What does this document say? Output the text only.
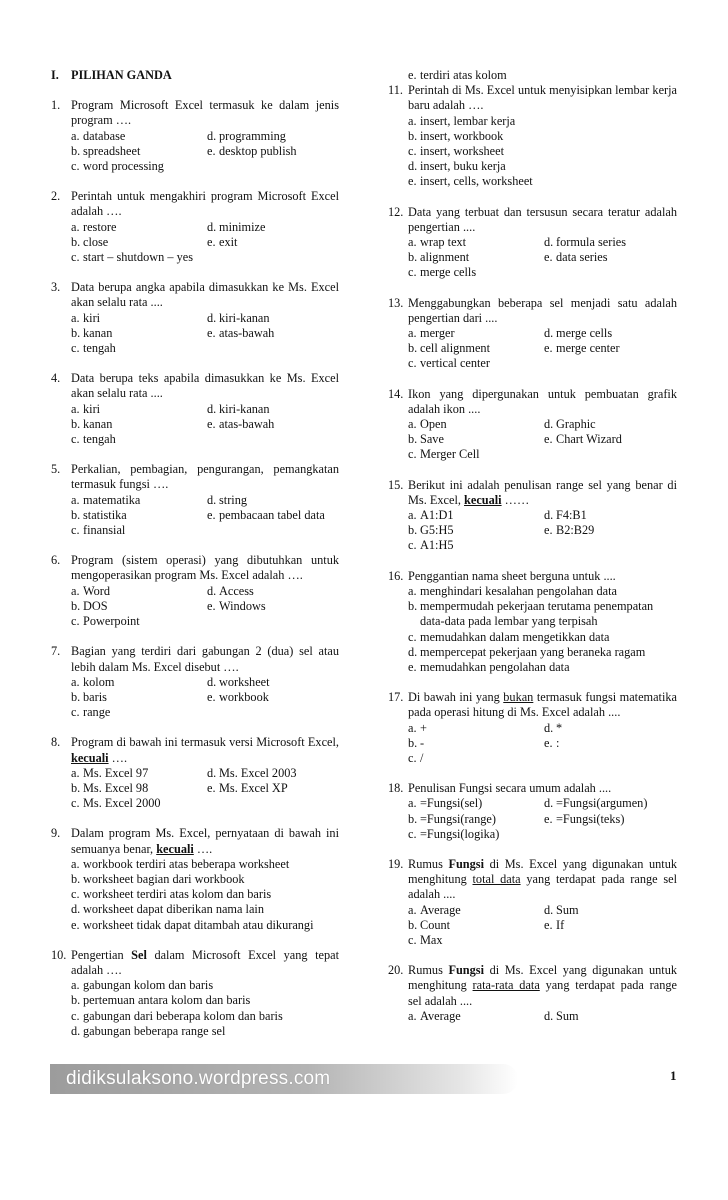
I. PILIHAN GANDA
1. Program Microsoft Excel termasuk ke dalam jenis program ….
a. database	d. programming
b. spreadsheet	e. desktop publish
c. word processing
2. Perintah untuk mengakhiri program Microsoft Excel adalah ….
a. restore	d. minimize
b. close	e. exit
c. start – shutdown – yes
3. Data berupa angka apabila dimasukkan ke Ms. Excel akan selalu rata ....
a. kiri	d. kiri-kanan
b. kanan	e. atas-bawah
c. tengah
4. Data berupa teks apabila dimasukkan ke Ms. Excel akan selalu rata ....
a. kiri	d. kiri-kanan
b. kanan	e. atas-bawah
c. tengah
5. Perkalian, pembagian, pengurangan, pemangkatan termasuk fungsi ….
a. matematika	d. string
b. statistika	e. pembacaan tabel data
c. finansial
6. Program (sistem operasi) yang dibutuhkan untuk mengoperasikan program Ms. Excel adalah ….
a. Word	d. Access
b. DOS	e. Windows
c. Powerpoint
7. Bagian yang terdiri dari gabungan 2 (dua) sel atau lebih dalam Ms. Excel disebut ….
a. kolom	d. worksheet
b. baris	e. workbook
c. range
8. Program di bawah ini termasuk versi Microsoft Excel, kecuali ….
a. Ms. Excel 97	d. Ms. Excel 2003
b. Ms. Excel 98	e. Ms. Excel XP
c. Ms. Excel 2000
9. Dalam program Ms. Excel, pernyataan di bawah ini semuanya benar, kecuali ….
a. workbook terdiri atas beberapa worksheet
b. worksheet bagian dari workbook
c. worksheet terdiri atas kolom dan baris
d. worksheet dapat diberikan nama lain
e. worksheet tidak dapat ditambah atau dikurangi
10. Pengertian Sel dalam Microsoft Excel yang tepat adalah ….
a. gabungan kolom dan baris
b. pertemuan antara kolom dan baris
c. gabungan dari beberapa kolom dan baris
d. gabungan beberapa range sel
e. terdiri atas kolom
11. Perintah di Ms. Excel untuk menyisipkan lembar kerja baru adalah ….
a. insert, lembar kerja
b. insert, workbook
c. insert, worksheet
d. insert, buku kerja
e. insert, cells, worksheet
12. Data yang terbuat dan tersusun secara teratur adalah pengertian ....
a. wrap text	d. formula series
b. alignment	e. data series
c. merge cells
13. Menggabungkan beberapa sel menjadi satu adalah pengertian dari ....
a. merger	d. merge cells
b. cell alignment	e. merge center
c. vertical center
14. Ikon yang dipergunakan untuk pembuatan grafik adalah ikon ....
a. Open	d. Graphic
b. Save	e. Chart Wizard
c. Merger Cell
15. Berikut ini adalah penulisan range sel yang benar di Ms. Excel, kecuali ……
a. A1:D1	d. F4:B1
b. G5:H5	e. B2:B29
c. A1:H5
16. Penggantian nama sheet berguna untuk ....
a. menghindari kesalahan pengolahan data
b. mempermudah pekerjaan terutama penempatan data-data pada lembar yang terpisah
c. memudahkan dalam mengetikkan data
d. mempercepat pekerjaan yang beraneka ragam
e. memudahkan pengolahan data
17. Di bawah ini yang bukan termasuk fungsi matematika pada operasi hitung di Ms. Excel adalah ....
a. +	d. *
b. -	e. :
c. /
18. Penulisan Fungsi secara umum adalah ....
a. =Fungsi(sel)	d. =Fungsi(argumen)
b. =Fungsi(range)	e. =Fungsi(teks)
c. =Fungsi(logika)
19. Rumus Fungsi di Ms. Excel yang digunakan untuk menghitung total data yang terdapat pada range sel adalah ....
a. Average	d. Sum
b. Count	e. If
c. Max
20. Rumus Fungsi di Ms. Excel yang digunakan untuk menghitung rata-rata data yang terdapat pada range sel adalah ....
a. Average	d. Sum
didiksulaksono.wordpress.com	1
